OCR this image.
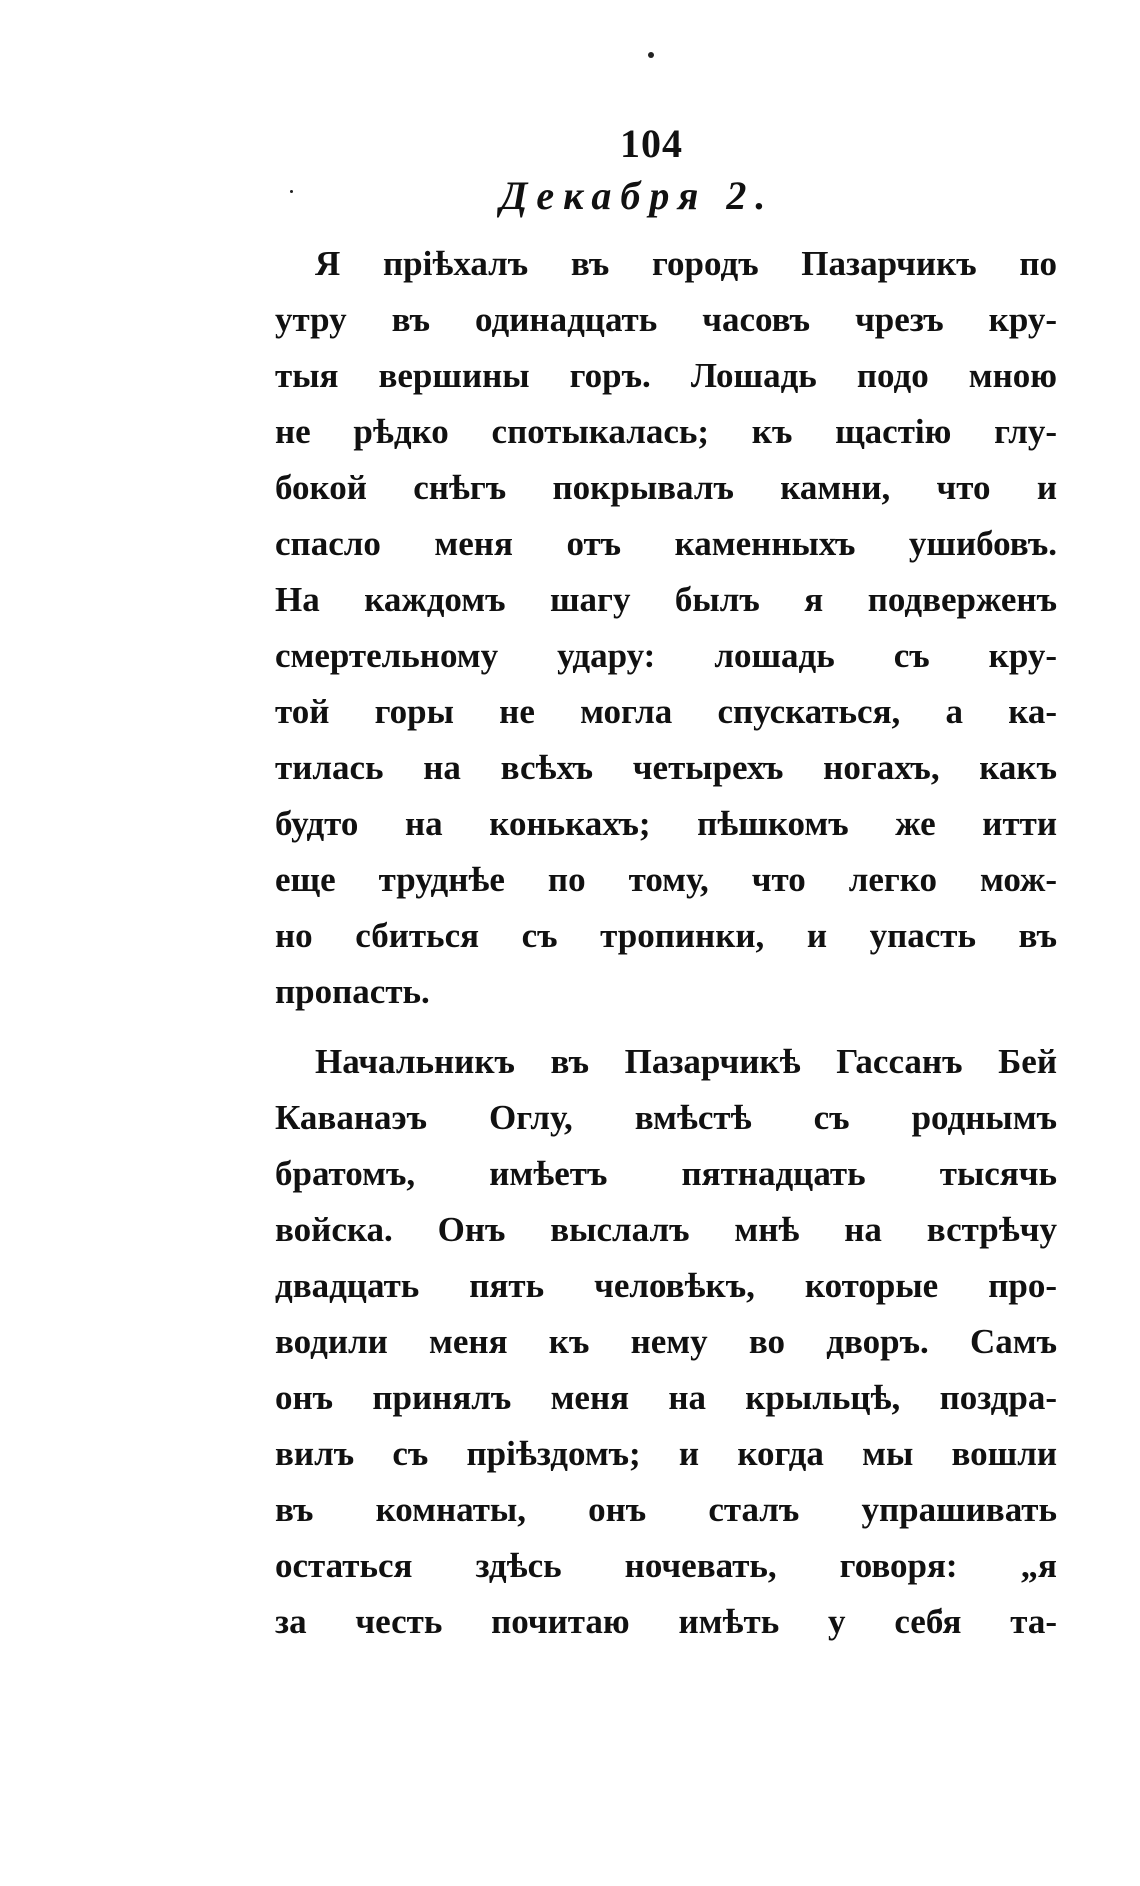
104
Декабря 2.
Я пріѣхалъ въ городъ Пазарчикъ по
утру въ одинадцать часовъ чрезъ кру-
тыя вершины горъ. Лошадь подо мною
не рѣдко спотыкалась; къ щастію глу-
бокой снѣгъ покрывалъ камни, что и
спасло меня отъ каменныхъ ушибовъ.
На каждомъ шагу былъ я подверженъ
смертельному удару: лошадь съ кру-
той горы не могла спускаться, а ка-
тилась на всѣхъ четырехъ ногахъ, какъ
будто на конькахъ; пѣшкомъ же итти
еще труднѣе по тому, что легко мож-
но сбиться съ тропинки, и упасть въ
пропасть.
Начальникъ въ Пазарчикѣ Гассанъ Бей
Каванаэъ Оглу, вмѣстѣ съ роднымъ
братомъ, имѣетъ пятнадцать тысячь
войска. Онъ выслалъ мнѣ на встрѣчу
двадцать пять человѣкъ, которые про-
водили меня къ нему во дворъ. Самъ
онъ принялъ меня на крыльцѣ, поздра-
вилъ съ пріѣздомъ; и когда мы вошли
въ комнаты, онъ сталъ упрашивать
остаться здѣсь ночевать, говоря: „я
за честь почитаю имѣть у себя та-
